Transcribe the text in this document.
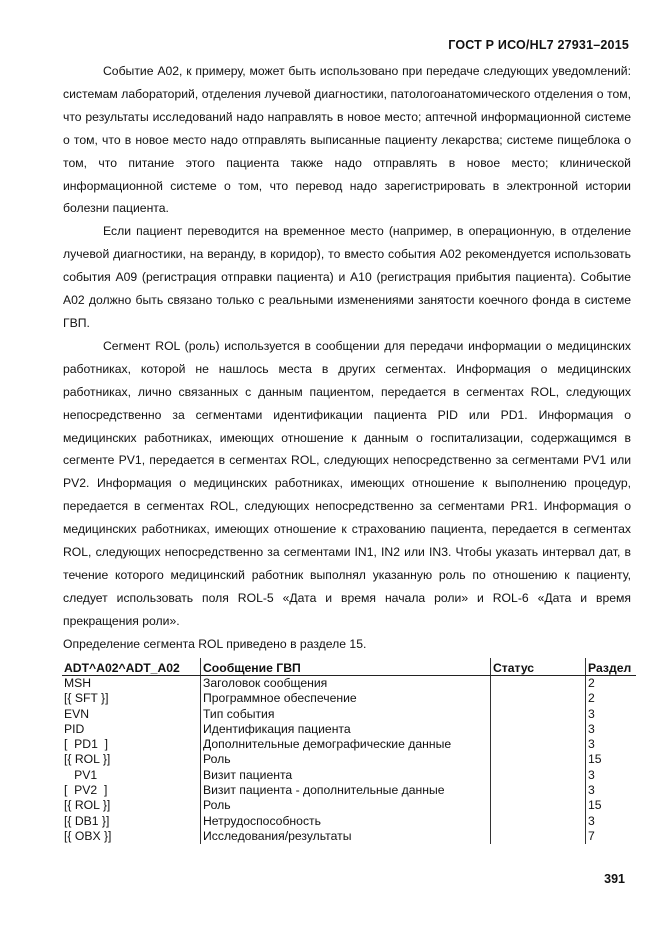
ГОСТ Р ИСО/HL7 27931–2015

Событие A02, к примеру, может быть использовано при передаче следующих уведомлений: системам лабораторий, отделения лучевой диагностики, патологоанатомического отделения о том, что результаты исследований надо направлять в новое место; аптечной информационной системе о том, что в новое место надо отправлять выписанные пациенту лекарства; системе пищеблока о том, что питание этого пациента также надо отправлять в новое место; клинической информационной системе о том, что перевод надо зарегистрировать в электронной истории болезни пациента.

Если пациент переводится на временное место (например, в операционную, в отделение лучевой диагностики, на веранду, в коридор), то вместо события A02 рекомендуется использовать события A09 (регистрация отправки пациента) и A10 (регистрация прибытия пациента). Событие A02 должно быть связано только с реальными изменениями занятости коечного фонда в системе ГВП.

Сегмент ROL (роль) используется в сообщении для передачи информации о медицинских работниках, которой не нашлось места в других сегментах. Информация о медицинских работниках, лично связанных с данным пациентом, передается в сегментах ROL, следующих непосредственно за сегментами идентификации пациента PID или PD1. Информация о медицинских работниках, имеющих отношение к данным о госпитализации, содержащимся в сегменте PV1, передается в сегментах ROL, следующих непосредственно за сегментами PV1 или PV2. Информация о медицинских работниках, имеющих отношение к выполнению процедур, передается в сегментах ROL, следующих непосредственно за сегментами PR1. Информация о медицинских работниках, имеющих отношение к страхованию пациента, передается в сегментах ROL, следующих непосредственно за сегментами IN1, IN2 или IN3. Чтобы указать интервал дат, в течение которого медицинский работник выполнял указанную роль по отношению к пациенту, следует использовать поля ROL-5 «Дата и время начала роли» и ROL-6 «Дата и время прекращения роли».

Определение сегмента ROL приведено в разделе 15.

ADT^A02^ADT_A02	Сообщение ГВП	Статус	Раздел
MSH	Заголовок сообщения		2
[{ SFT }]	Программное обеспечение		2
EVN	Тип события		3
PID	Идентификация пациента		3
[  PD1  ]	Дополнительные демографические данные		3
[{ ROL }]	Роль		15
PV1	Визит пациента		3
[  PV2  ]	Визит пациента - дополнительные данные		3
[{ ROL }]	Роль		15
[{ DB1 }]	Нетрудоспособность		3
[{ OBX }]	Исследования/результаты		7
391
